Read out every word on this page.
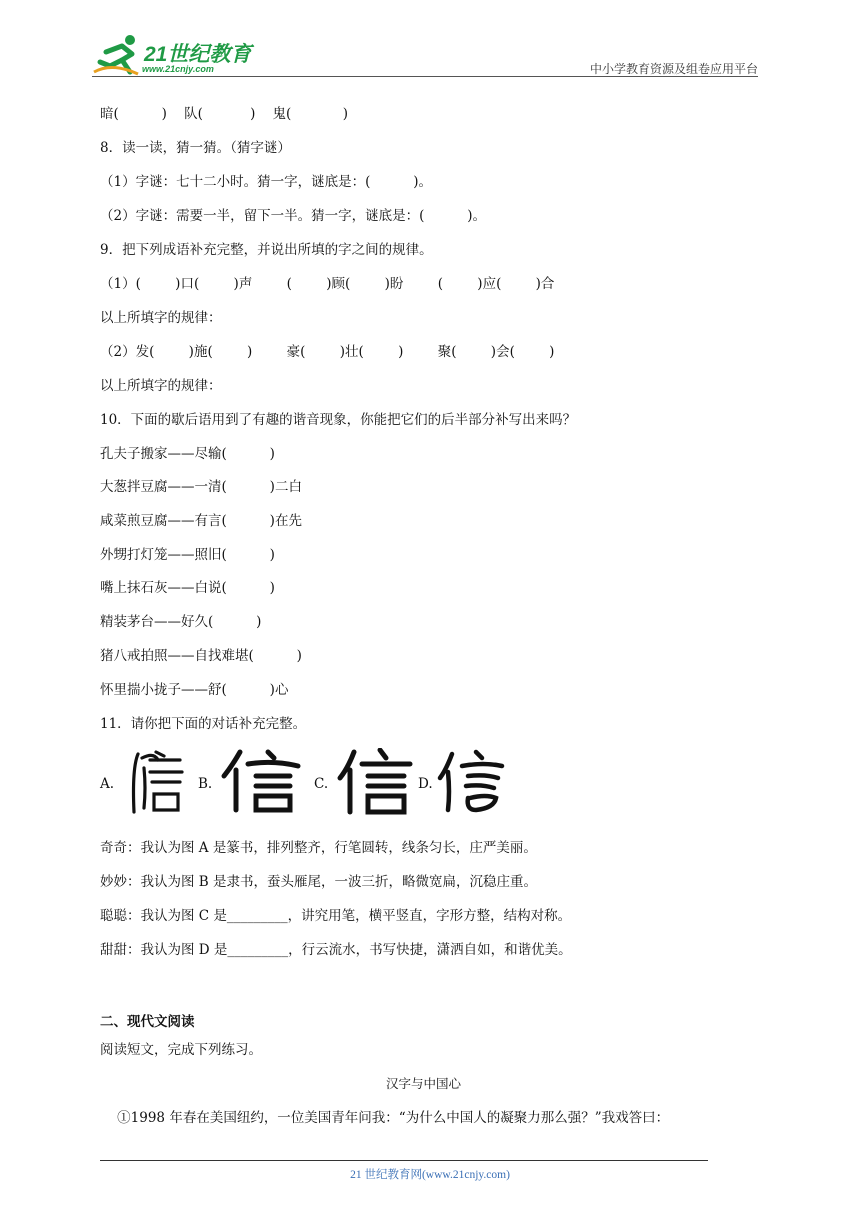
21世纪教育
www.21cnjy.com	中小学教育资源及组卷应用平台
暗(          )    队(           )    鬼(            )
8．读一读，猜一猜。（猜字谜）
（1）字谜：七十二小时。猜一字，谜底是：(          )。
（2）字谜：需要一半，留下一半。猜一字，谜底是：(          )。
9．把下列成语补充完整，并说出所填的字之间的规律。
（1）(        )口(        )声        (        )顾(        )盼        (        )应(        )合
以上所填字的规律：
（2）发(        )施(        )        豪(        )壮(        )        聚(        )会(        )
以上所填字的规律：
10．下面的歇后语用到了有趣的谐音现象，你能把它们的后半部分补写出来吗？
孔夫子搬家——尽输(          )
大葱拌豆腐——一清(          )二白
咸菜煎豆腐——有言(          )在先
外甥打灯笼——照旧(          )
嘴上抹石灰——白说(          )
精装茅台——好久(          )
猪八戒拍照——自找难堪(          )
怀里揣小拢子——舒(          )心
11．请你把下面的对话补充完整。
A.	B.	C.	D.
奇奇：我认为图 A 是篆书，排列整齐，行笔圆转，线条匀长，庄严美丽。
妙妙：我认为图 B 是隶书，蚕头雁尾，一波三折，略微宽扁，沉稳庄重。
聪聪：我认为图 C 是_________，讲究用笔，横平竖直，字形方整，结构对称。
甜甜：我认为图 D 是_________，行云流水，书写快捷，潇洒自如，和谐优美。
二、现代文阅读
阅读短文，完成下列练习。
汉字与中国心
①1998 年春在美国纽约，一位美国青年问我：“为什么中国人的凝聚力那么强？”我戏答曰：
21 世纪教育网(www.21cnjy.com)
